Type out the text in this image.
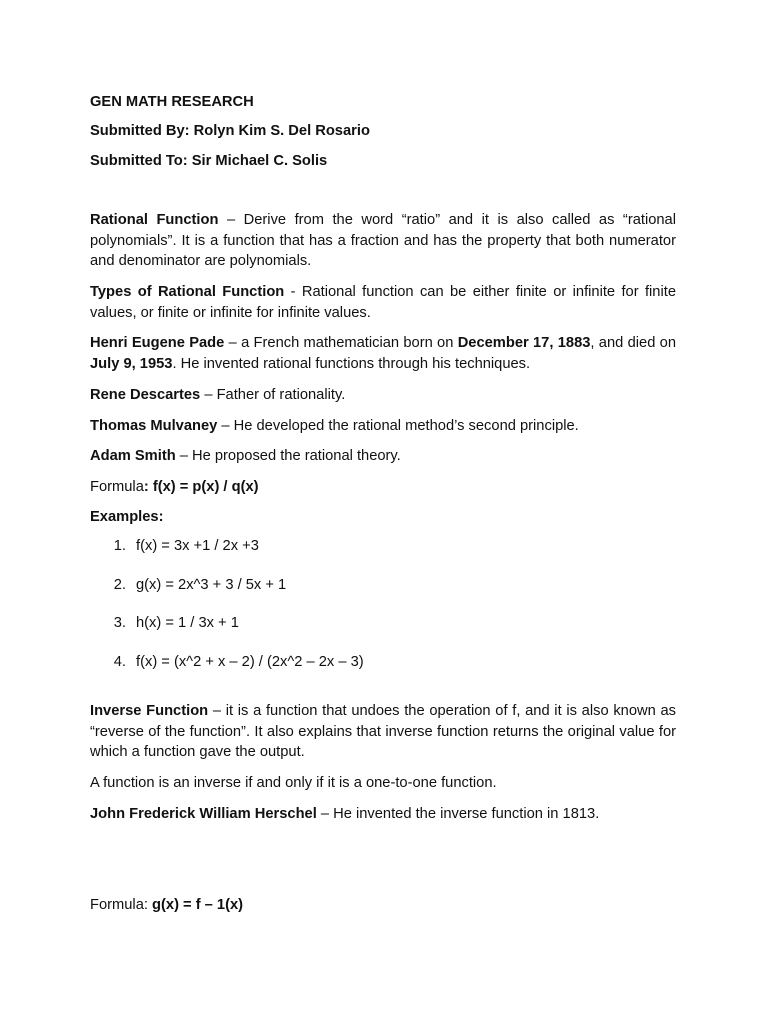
GEN MATH RESEARCH
Submitted By: Rolyn Kim S. Del Rosario
Submitted To: Sir Michael C. Solis
Rational Function – Derive from the word “ratio” and it is also called as “rational polynomials”. It is a function that has a fraction and has the property that both numerator and denominator are polynomials.
Types of Rational Function - Rational function can be either finite or infinite for finite values, or finite or infinite for infinite values.
Henri Eugene Pade – a French mathematician born on December 17, 1883, and died on July 9, 1953. He invented rational functions through his techniques.
Rene Descartes – Father of rationality.
Thomas Mulvaney – He developed the rational method’s second principle.
Adam Smith – He proposed the rational theory.
Formula: f(x) = p(x) / q(x)
Examples:
1. f(x) = 3x +1 / 2x +3
2. g(x) = 2x^3 + 3 / 5x + 1
3. h(x) = 1 / 3x + 1
4. f(x) = (x^2 + x – 2) / (2x^2 – 2x – 3)
Inverse Function – it is a function that undoes the operation of f, and it is also known as “reverse of the function”. It also explains that inverse function returns the original value for which a function gave the output.
A function is an inverse if and only if it is a one-to-one function.
John Frederick William Herschel – He invented the inverse function in 1813.
Formula: g(x) = f – 1(x)
